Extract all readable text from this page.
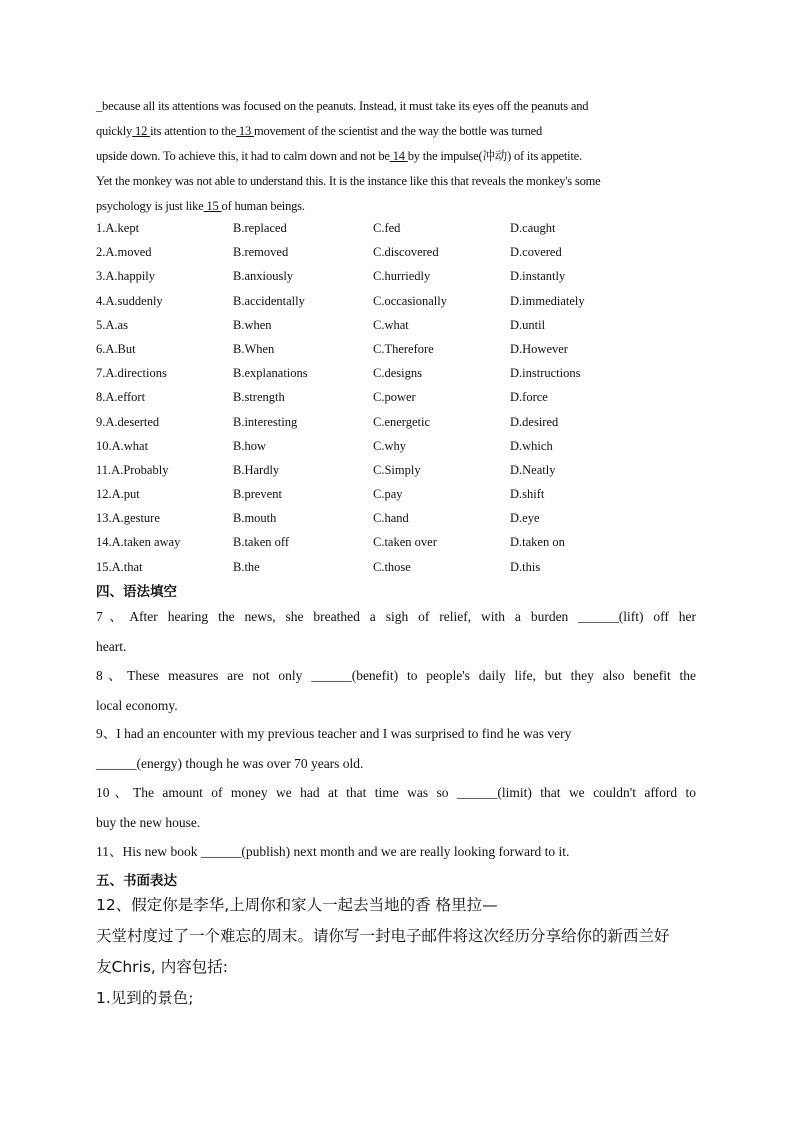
_because all its attentions was focused on the peanuts. Instead, it must take its eyes off the peanuts and
quickly 12 its attention to the 13 movement of the scientist and the way the bottle was turned
upside down. To achieve this, it had to calm down and not be 14 by the impulse(冲动) of its appetite.
Yet the monkey was not able to understand this. It is the instance like this that reveals the monkey's some
psychology is just like 15 of human beings.
1.A.kept	B.replaced	C.fed	D.caught
2.A.moved	B.removed	C.discovered	D.covered
3.A.happily	B.anxiously	C.hurriedly	D.instantly
4.A.suddenly	B.accidentally	C.occasionally	D.immediately
5.A.as	B.when	C.what	D.until
6.A.But	B.When	C.Therefore	D.However
7.A.directions	B.explanations	C.designs	D.instructions
8.A.effort	B.strength	C.power	D.force
9.A.deserted	B.interesting	C.energetic	D.desired
10.A.what	B.how	C.why	D.which
11.A.Probably	B.Hardly	C.Simply	D.Neatly
12.A.put	B.prevent	C.pay	D.shift
13.A.gesture	B.mouth	C.hand	D.eye
14.A.taken away	B.taken off	C.taken over	D.taken on
15.A.that	B.the	C.those	D.this
四、语法填空
7、After hearing the news, she breathed a sigh of relief, with a burden ______(lift) off her
heart.
8、These measures are not only ______(benefit) to people's daily life, but they also benefit the
local economy.
9、I had an encounter with my previous teacher and I was surprised to find he was very
______(energy) though he was over 70 years old.
10、The amount of money we had at that time was so ______(limit) that we couldn't afford to
buy the new house.
11、His new book ______(publish) next month and we are really looking forward to it.
五、书面表达
12、假定你是李华,上周你和家人一起去当地的香 格里拉—
天堂村度过了一个难忘的周末。请你写一封电子邮件将这次经历分享给你的新西兰好
友Chris, 内容包括:
1.见到的景色;
